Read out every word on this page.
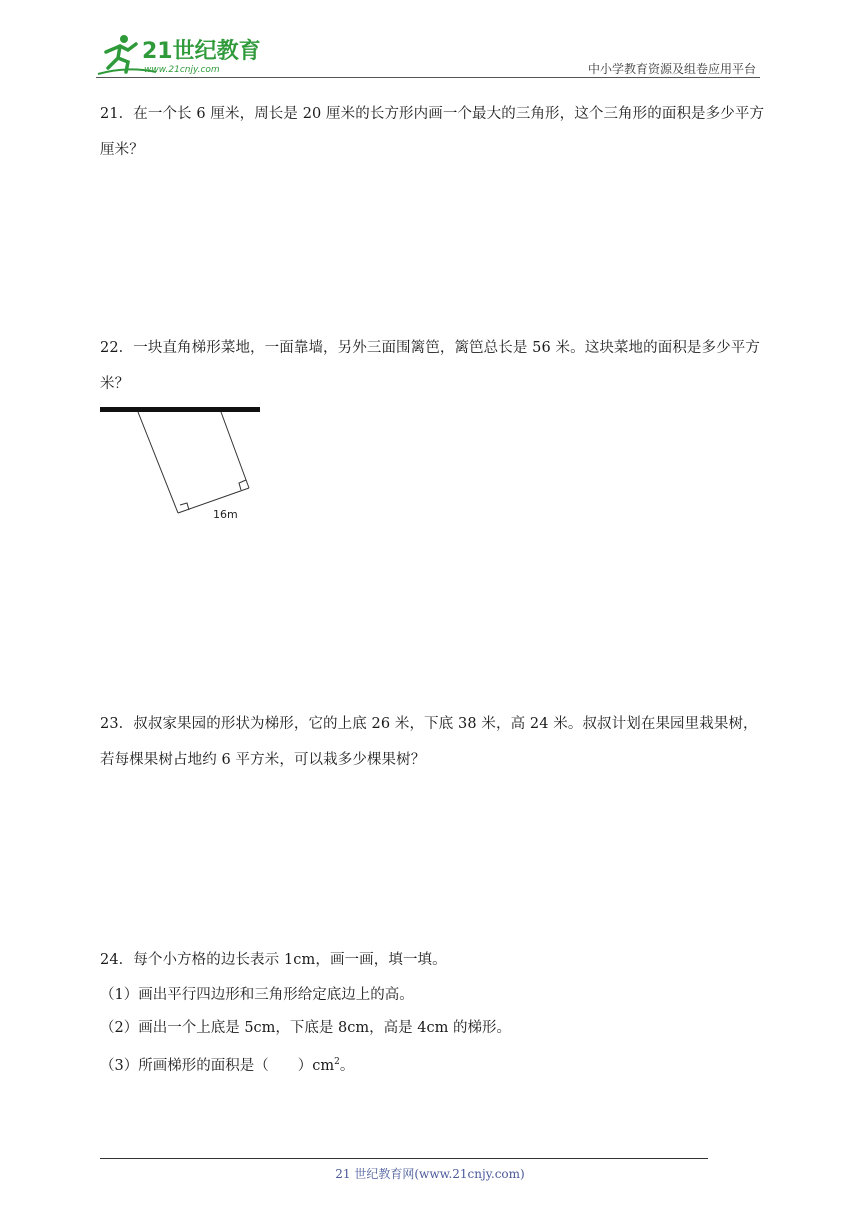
21世纪教育
www.21cnjy.com	中小学教育资源及组卷应用平台

21．在一个长 6 厘米，周长是 20 厘米的长方形内画一个最大的三角形，这个三角形的面积是多少平方厘米？

22．一块直角梯形菜地，一面靠墙，另外三面围篱笆，篱笆总长是 56 米。这块菜地的面积是多少平方米？

16m

23．叔叔家果园的形状为梯形，它的上底 26 米，下底 38 米，高 24 米。叔叔计划在果园里栽果树，若每棵果树占地约 6 平方米，可以栽多少棵果树？

24．每个小方格的边长表示 1cm，画一画，填一填。

（1）画出平行四边形和三角形给定底边上的高。
（2）画出一个上底是 5cm，下底是 8cm，高是 4cm 的梯形。
（3）所画梯形的面积是（　　）$cm^2$。
21 世纪教育网(www.21cnjy.com)
